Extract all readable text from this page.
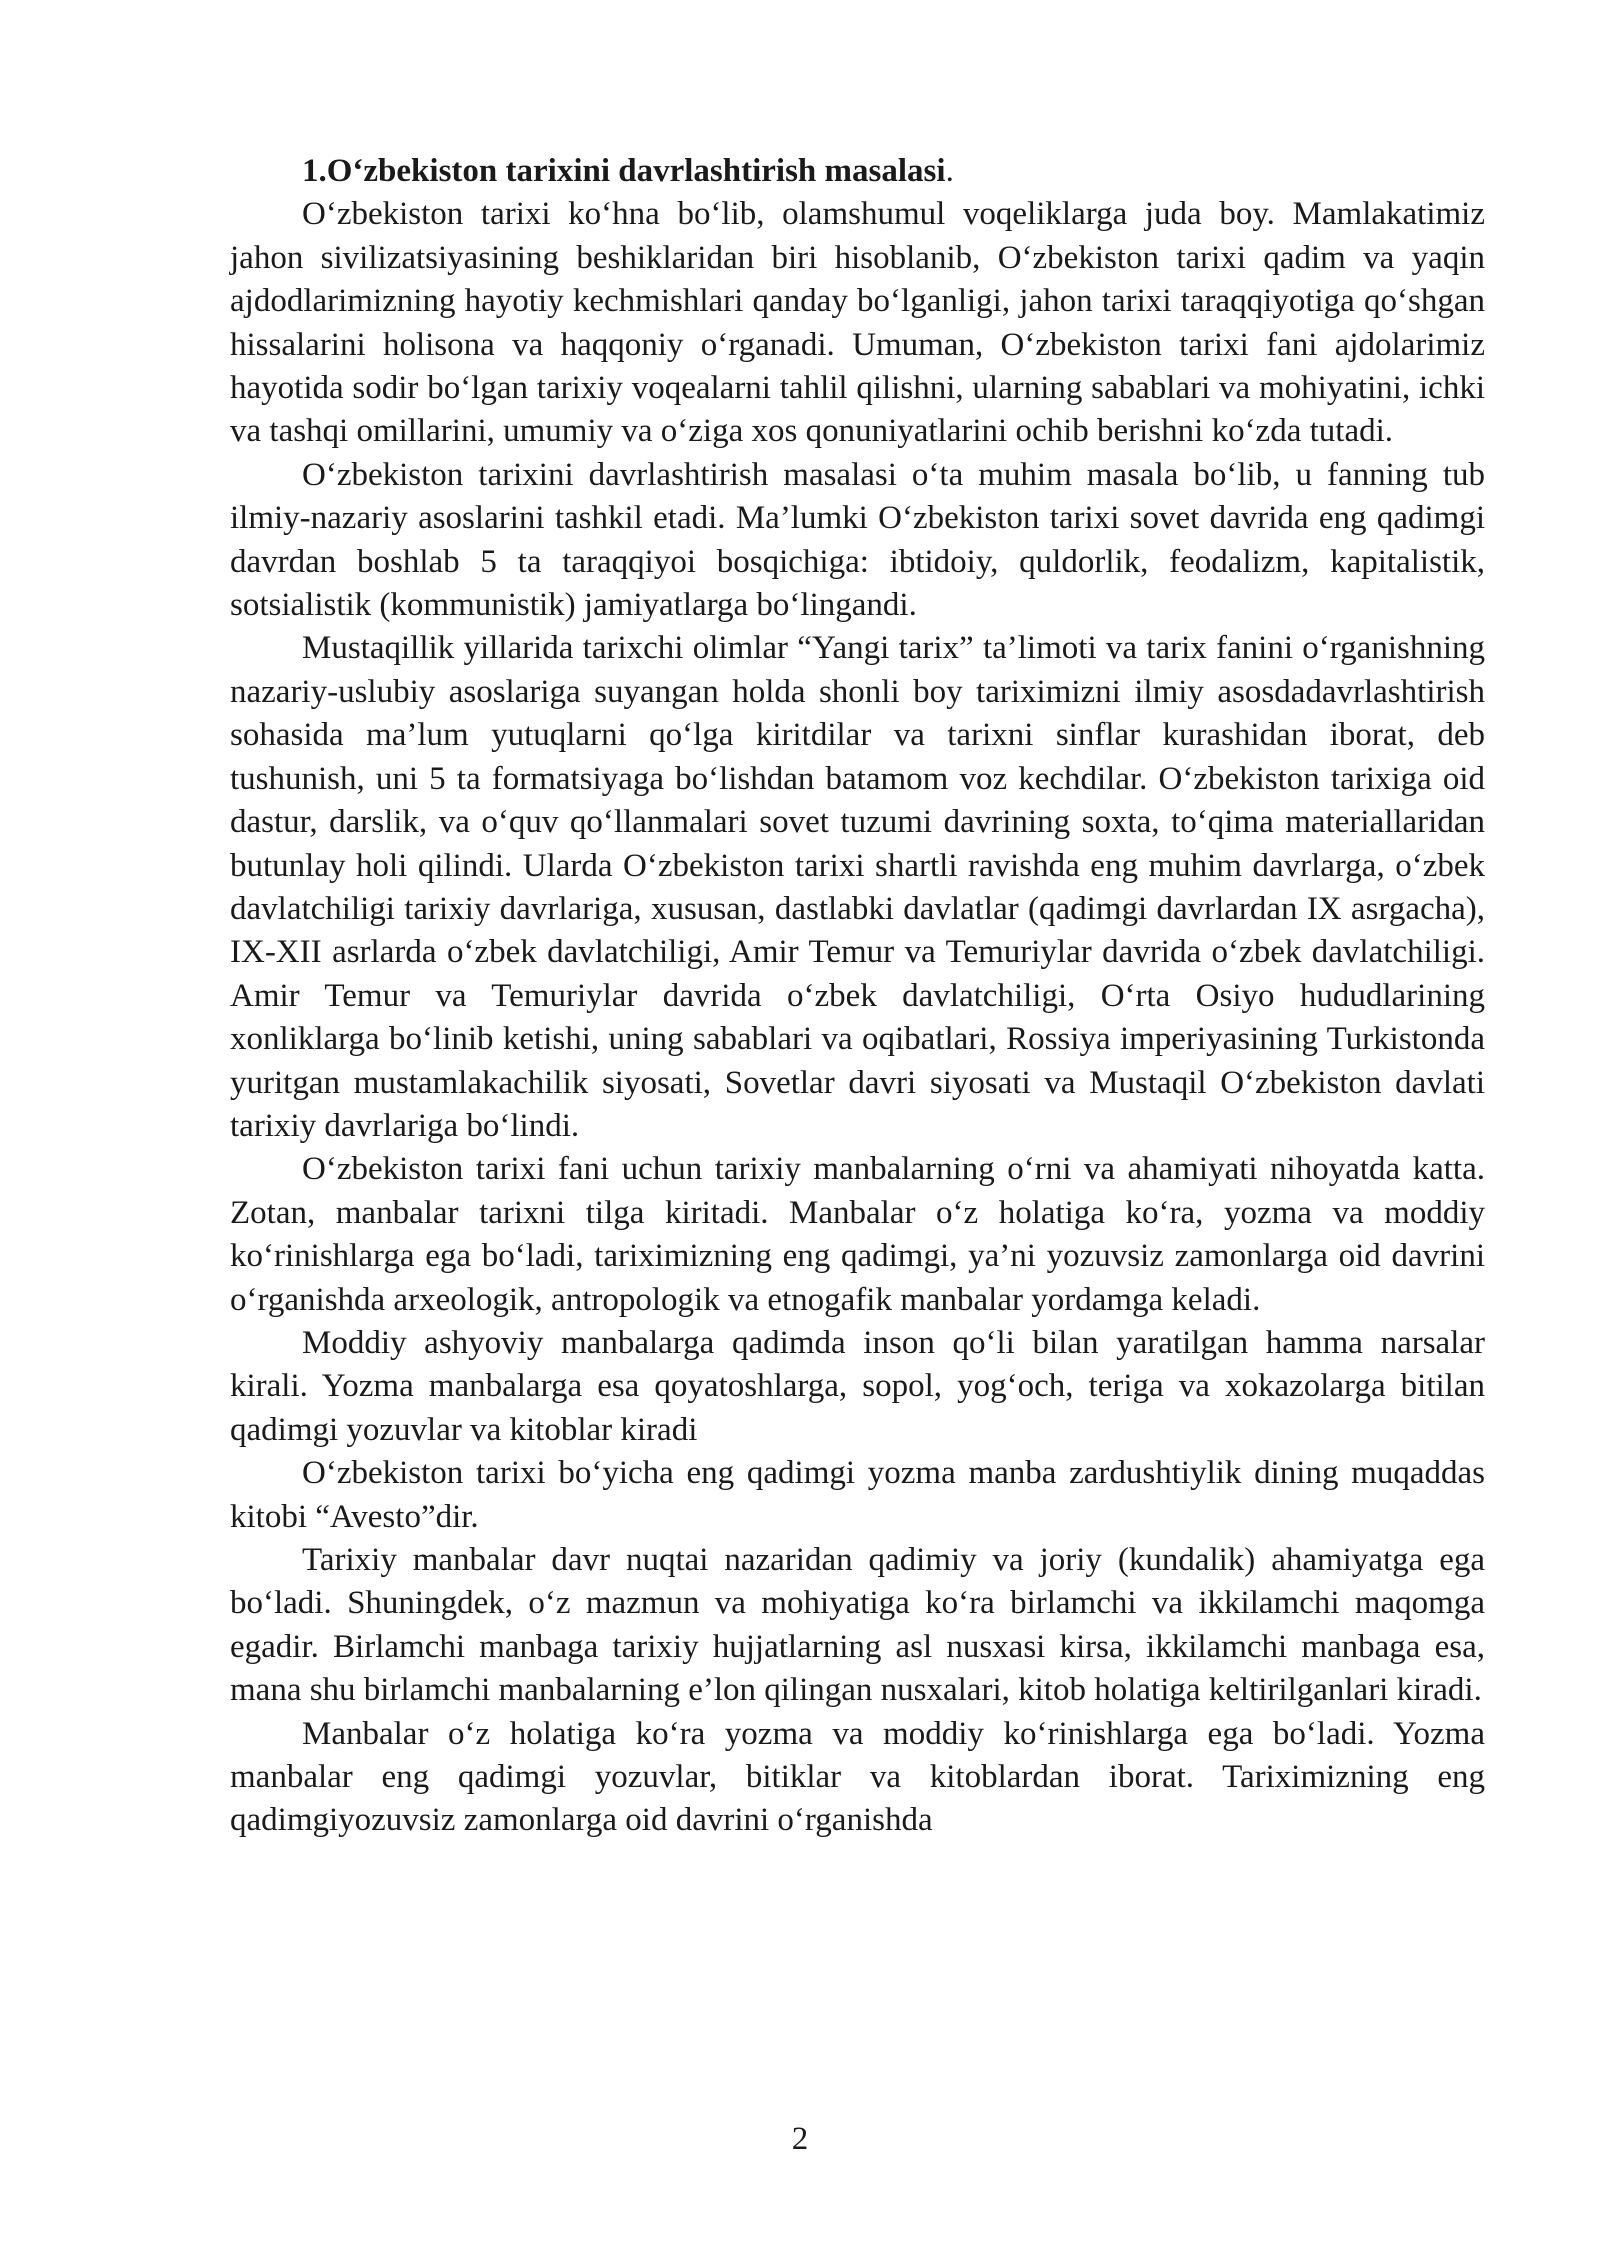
1.O‘zbekiston tarixini davrlashtirish masalasi.

O‘zbekiston tarixi ko‘hna bo‘lib, olamshumul voqeliklarga juda boy. Mamlakatimiz jahon sivilizatsiyasining beshiklaridan biri hisoblanib, O‘zbekiston tarixi qadim va yaqin ajdodlarimizning hayotiy kechmishlari qanday bo‘lganligi, jahon tarixi taraqqiyotiga qo‘shgan hissalarini holisona va haqqoniy o‘rganadi. Umuman, O‘zbekiston tarixi fani ajdolarimiz hayotida sodir bo‘lgan tarixiy voqealarni tahlil qilishni, ularning sabablari va mohiyatini, ichki va tashqi omillarini, umumiy va o‘ziga xos qonuniyatlarini ochib berishni ko‘zda tutadi.

O‘zbekiston tarixini davrlashtirish masalasi o‘ta muhim masala bo‘lib, u fanning tub ilmiy-nazariy asoslarini tashkil etadi. Ma’lumki O‘zbekiston tarixi sovet davrida eng qadimgi davrdan boshlab 5 ta taraqqiyoi bosqichiga: ibtidoiy, quldorlik, feodalizm, kapitalistik, sotsialistik (kommunistik) jamiyatlarga bo‘lingandi.

Mustaqillik yillarida tarixchi olimlar “Yangi tarix” ta’limoti va tarix fanini o‘rganishning nazariy-uslubiy asoslariga suyangan holda shonli boy tariximizni ilmiy asosdadavrlashtirish sohasida ma’lum yutuqlarni qo‘lga kiritdilar va tarixni sinflar kurashidan iborat, deb tushunish, uni 5 ta formatsiyaga bo‘lishdan batamom voz kechdilar. O‘zbekiston tarixiga oid dastur, darslik, va o‘quv qo‘llanmalari sovet tuzumi davrining soxta, to‘qima materiallaridan butunlay holi qilindi. Ularda O‘zbekiston tarixi shartli ravishda eng muhim davrlarga, o‘zbek davlatchiligi tarixiy davrlariga, xususan, dastlabki davlatlar (qadimgi davrlardan IX asrgacha), IX-XII asrlarda o‘zbek davlatchiligi, Amir Temur va Temuriylar davrida o‘zbek davlatchiligi. Amir Temur va Temuriylar davrida o‘zbek davlatchiligi, O‘rta Osiyo hududlarining xonliklarga bo‘linib ketishi, uning sabablari va oqibatlari, Rossiya imperiyasining Turkistonda yuritgan mustamlakachilik siyosati, Sovetlar davri siyosati va Mustaqil O‘zbekiston davlati tarixiy davrlariga bo‘lindi.

O‘zbekiston tarixi fani uchun tarixiy manbalarning o‘rni va ahamiyati nihoyatda katta. Zotan, manbalar tarixni tilga kiritadi. Manbalar o‘z holatiga ko‘ra, yozma va moddiy ko‘rinishlarga ega bo‘ladi, tariximizning eng qadimgi, ya’ni yozuvsiz zamonlarga oid davrini o‘rganishda arxeologik, antropologik va etnogafik manbalar yordamga keladi.

Moddiy ashyoviy manbalarga qadimda inson qo‘li bilan yaratilgan hamma narsalar kirali. Yozma manbalarga esa qoyatoshlarga, sopol, yog‘och, teriga va xokazolarga bitilan qadimgi yozuvlar va kitoblar kiradi

O‘zbekiston tarixi bo‘yicha eng qadimgi yozma manba zardushtiylik dining muqaddas kitobi “Avesto”dir.

Tarixiy manbalar davr nuqtai nazaridan qadimiy va joriy (kundalik) ahamiyatga ega bo‘ladi. Shuningdek, o‘z mazmun va mohiyatiga ko‘ra birlamchi va ikkilamchi maqomga egadir. Birlamchi manbaga tarixiy hujjatlarning asl nusxasi kirsa, ikkilamchi manbaga esa, mana shu birlamchi manbalarning e’lon qilingan nusxalari, kitob holatiga keltirilganlari kiradi.

Manbalar o‘z holatiga ko‘ra yozma va moddiy ko‘rinishlarga ega bo‘ladi. Yozma manbalar eng qadimgi yozuvlar, bitiklar va kitoblardan iborat. Tariximizning eng qadimgiyozuvsiz zamonlarga oid davrini o‘rganishda

2
